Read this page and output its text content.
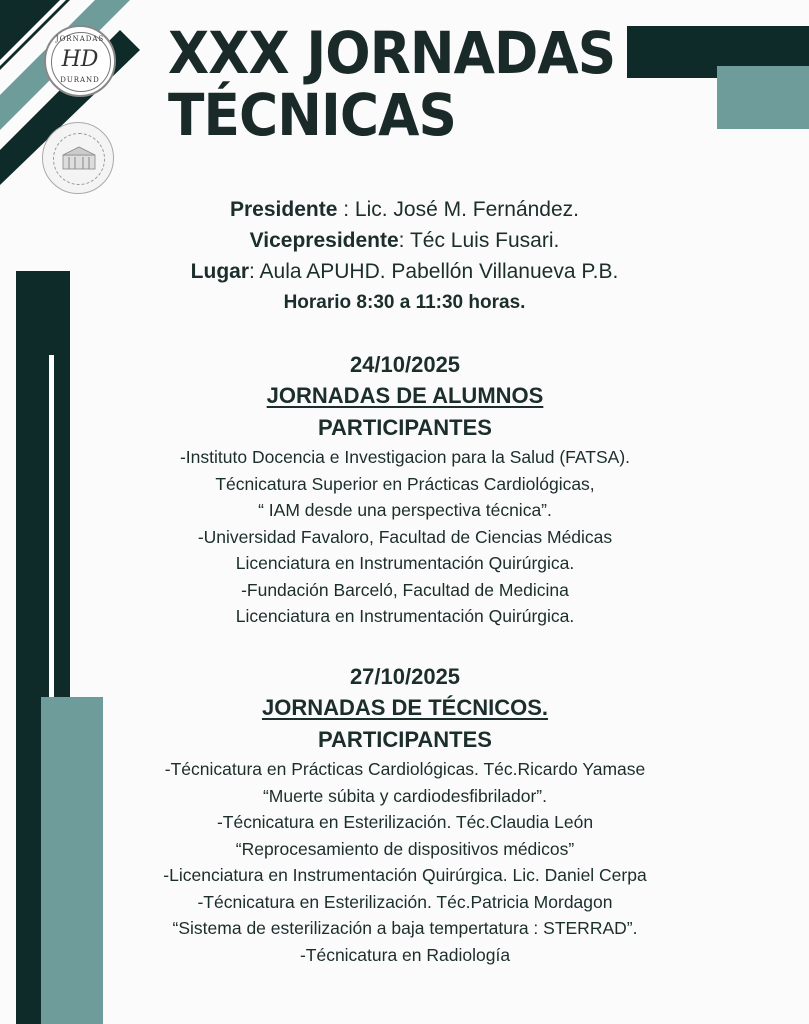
JORNADAS
HD
DURAND XXX JORNADAS
TÉCNICAS
Presidente : Lic. José M. Fernández.
Vicepresidente: Téc Luis Fusari.
Lugar: Aula APUHD. Pabellón Villanueva P.B.
Horario 8:30 a 11:30 horas.
24/10/2025
JORNADAS DE ALUMNOS
PARTICIPANTES
-Instituto Docencia e Investigacion para la Salud (FATSA).
Técnicatura Superior en Prácticas Cardiológicas,
“ IAM desde una perspectiva técnica”.
-Universidad Favaloro, Facultad de Ciencias Médicas
Licenciatura en Instrumentación Quirúrgica.
-Fundación Barceló, Facultad de Medicina
Licenciatura en Instrumentación Quirúrgica.
27/10/2025
JORNADAS DE TÉCNICOS.
PARTICIPANTES
-Técnicatura en Prácticas Cardiológicas. Téc.Ricardo Yamase
“Muerte súbita y cardiodesfibrilador”.
-Técnicatura en Esterilización. Téc.Claudia León
“Reprocesamiento de dispositivos médicos”
-Licenciatura en Instrumentación Quirúrgica. Lic. Daniel Cerpa
-Técnicatura en Esterilización. Téc.Patricia Mordagon
“Sistema de esterilización a baja tempertatura : STERRAD”.
-Técnicatura en Radiología
